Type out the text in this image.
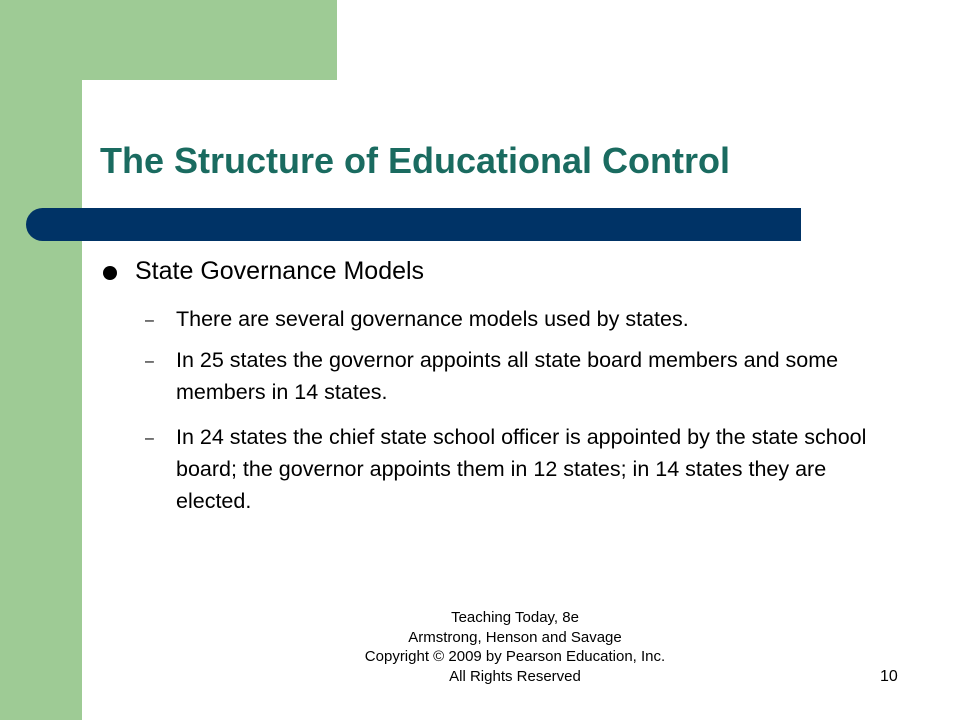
The Structure of Educational Control
State Governance Models
– There are several governance models used by states.
– In 25 states the governor appoints all state board members and some members in 14 states.
– In 24 states the chief state school officer is appointed by the state school board; the governor appoints them in 12 states; in 14 states they are elected.
Teaching Today, 8e
Armstrong, Henson and Savage
Copyright © 2009 by Pearson Education, Inc.
All Rights Reserved	10
